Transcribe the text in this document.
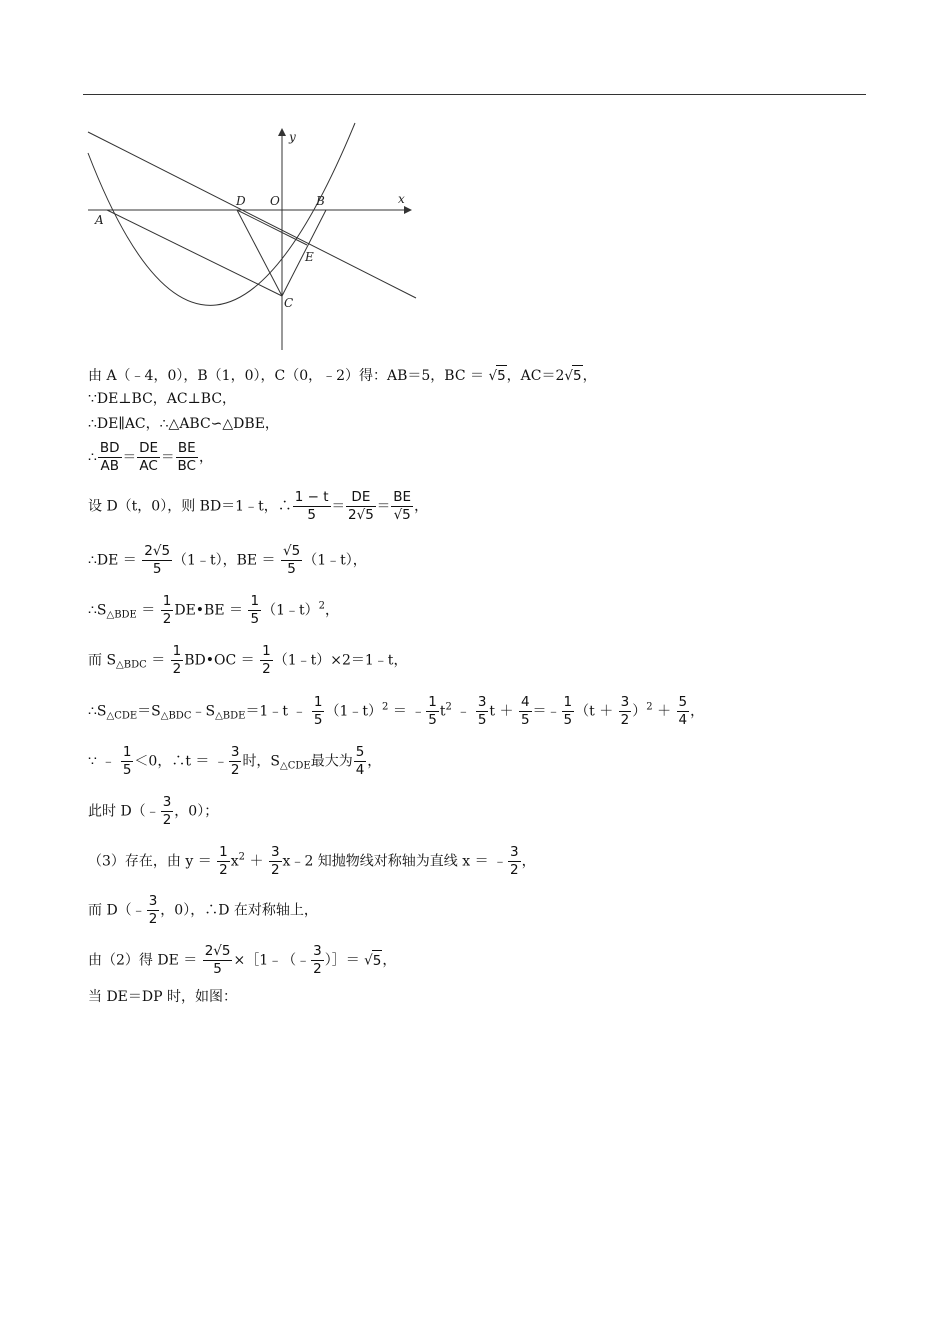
y
x
O
D	B
A
E
C
由 A（﹣4，0），B（1，0），C（0，﹣2）得：AB＝5，BC ＝ √5，AC＝2√5，
∵DE⊥BC，AC⊥BC，
∴DE∥AC，∴△ABC∽△DBE，
∴ $\frac{BD}{AB} = \frac{DE}{AC} = \frac{BE}{BC}$ ，
设 D（t，0），则 BD＝1﹣t，∴ $\frac{1 - t}{5} = \frac{DE}{2√5} = \frac{BE}{√5}$ ，
∴DE ＝ $\frac{2√5}{5}$ （1﹣t），BE ＝ $\frac{√5}{5}$ （1﹣t），
$\therefore S_{\triangle BDE} = \frac{1}{2}$ DE•BE ＝ $\frac{1}{5}$ （1﹣t）$^2$，
而 $S_{\triangle BDC} = \frac{1}{2}$ BD•OC ＝ $\frac{1}{2}$ （1﹣t）×2＝1﹣t，
$\therefore S_{\triangle CDE}=S_{\triangle BDC}﹣S_{\triangle BDE}=1﹣t$ ﹣ $\frac{1}{5}$ （1﹣t）$^2$ ＝ ﹣ $\frac{1}{5} t^2$ ﹣ $\frac{3}{5}$ $t + \frac{4}{5}$ ＝﹣ $\frac{1}{5} (t + \frac{3}{2} )^2 + \frac{5}{4}$ ，
∵ ﹣ $\frac{1}{5} <0$，∴t ＝ ﹣ $\frac{3}{2}$ 时，$S_{\triangle CDE}$最大为 $\frac{5}{4}$ ，
此时 D（﹣ $\frac{3}{2}$ ，0）；
（3）存在，由 $y = \frac{1}{2} x^2 + \frac{3}{2}$ x﹣2 知抛物线对称轴为直线 x ＝ ﹣ $\frac{3}{2}$ ，
而 D（﹣ $\frac{3}{2}$ ，0），∴D 在对称轴上，
由（2）得 DE ＝ $\frac{2√5}{5}$ ×［1﹣（﹣ $\frac{3}{2}$ ）］＝ √5，
当 DE＝DP 时，如图：
